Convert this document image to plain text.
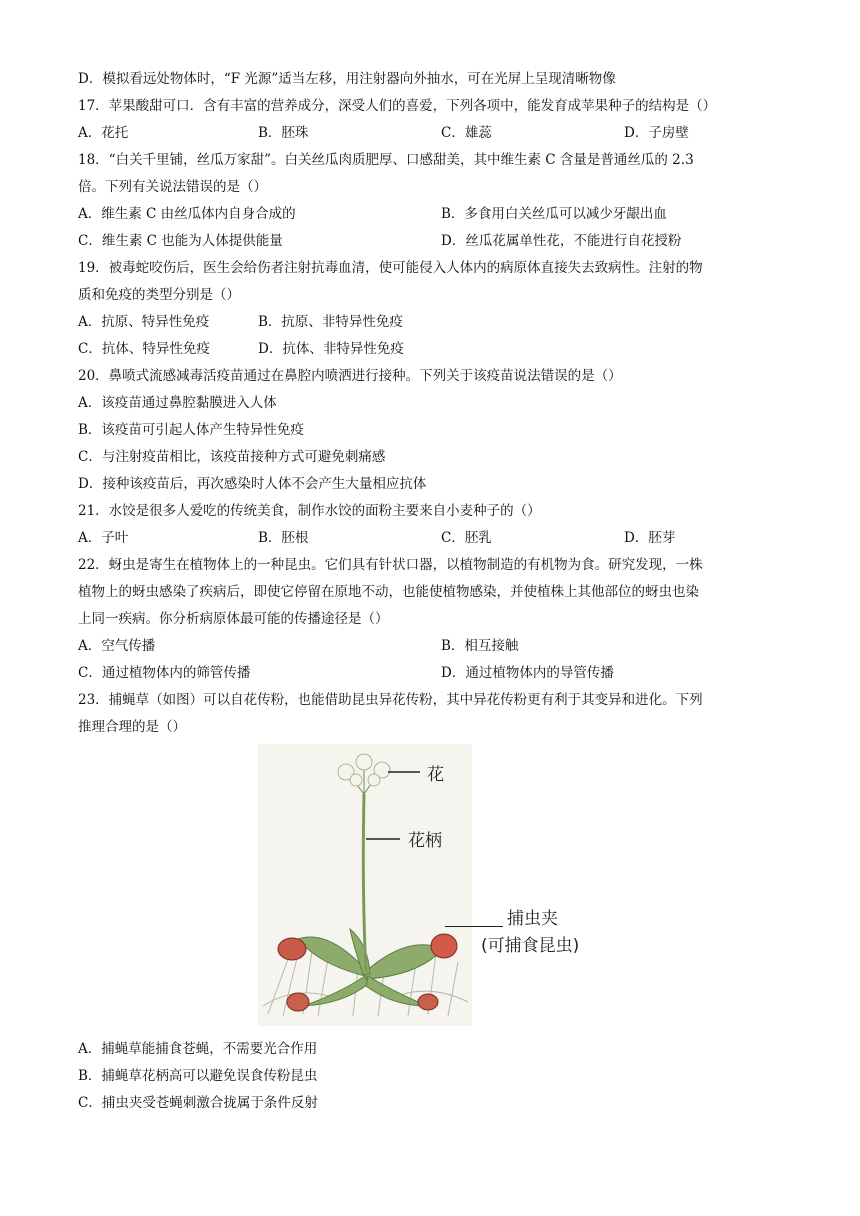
D．模拟看远处物体时，“F 光源”适当左移，用注射器向外抽水，可在光屏上呈现清晰物像
17．苹果酸甜可口．含有丰富的营养成分，深受人们的喜爱，下列各项中，能发育成苹果种子的结构是（）
A．花托	B．胚珠	C．雄蕊	D．子房壁
18．“白关千里铺，丝瓜万家甜”。白关丝瓜肉质肥厚、口感甜美，其中维生素 C 含量是普通丝瓜的 2.3
倍。下列有关说法错误的是（）
A．维生素 C 由丝瓜体内自身合成的	B．多食用白关丝瓜可以减少牙龈出血
C．维生素 C 也能为人体提供能量	D．丝瓜花属单性花，不能进行自花授粉
19．被毒蛇咬伤后，医生会给伤者注射抗毒血清，使可能侵入人体内的病原体直接失去致病性。注射的物
质和免疫的类型分别是（）
A．抗原、特异性免疫	B．抗原、非特异性免疫
C．抗体、特异性免疫	D．抗体、非特异性免疫
20．鼻喷式流感减毒活疫苗通过在鼻腔内喷洒进行接种。下列关于该疫苗说法错误的是（）
A．该疫苗通过鼻腔黏膜进入人体
B．该疫苗可引起人体产生特异性免疫
C．与注射疫苗相比，该疫苗接种方式可避免刺痛感
D．接种该疫苗后，再次感染时人体不会产生大量相应抗体
21．水饺是很多人爱吃的传统美食，制作水饺的面粉主要来自小麦种子的（）
A．子叶	B．胚根	C．胚乳	D．胚芽
22．蚜虫是寄生在植物体上的一种昆虫。它们具有针状口器，以植物制造的有机物为食。研究发现，一株
植物上的蚜虫感染了疾病后，即使它停留在原地不动，也能使植物感染，并使植株上其他部位的蚜虫也染
上同一疾病。你分析病原体最可能的传播途径是（）
A．空气传播	B．相互接触
C．通过植物体内的筛管传播	D．通过植物体内的导管传播
23．捕蝇草（如图）可以自花传粉，也能借助昆虫异花传粉，其中异花传粉更有利于其变异和进化。下列
推理合理的是（）
花
花柄
捕虫夹
(可捕食昆虫)
A．捕蝇草能捕食苍蝇，不需要光合作用
B．捕蝇草花柄高可以避免误食传粉昆虫
C．捕虫夹受苍蝇刺激合拢属于条件反射
